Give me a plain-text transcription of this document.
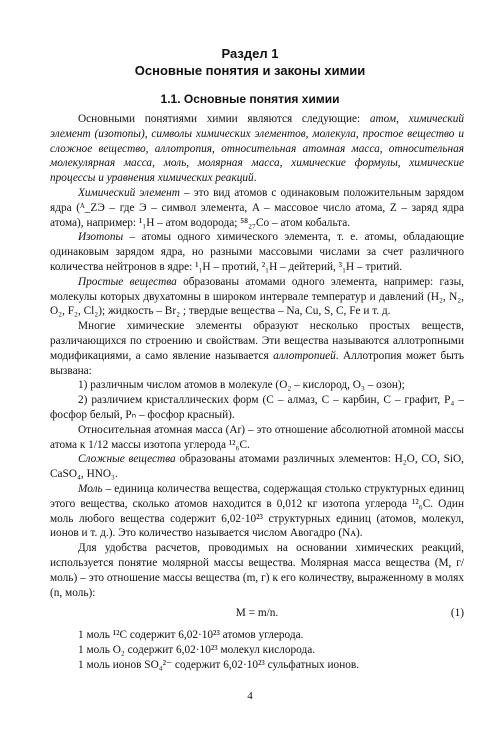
Раздел 1
Основные понятия и законы химии
1.1. Основные понятия химии

Основными понятиями химии являются следующие: атом, химический элемент (изотопы), символы химических элементов, молекула, простое вещество и сложное вещество, аллотропия, относительная атомная масса, относительная молекулярная масса, моль, молярная масса, химические формулы, химические процессы и уравнения химических реакций.

Химический элемент – это вид атомов с одинаковым положительным зарядом ядра (ᴬ_ZЭ – где Э – символ элемента, A – массовое число атома, Z – заряд ядра атома), например: ¹₁H – атом водорода; ⁵⁸₂₇Co – атом кобальта.

Изотопы – атомы одного химического элемента, т. е. атомы, обладающие одинаковым зарядом ядра, но разными массовыми числами за счет различного количества нейтронов в ядре: ¹₁H – протий, ²₁H – дейтерий, ³₁H – тритий.

Простые вещества образованы атомами одного элемента, например: газы, молекулы которых двухатомны в широком интервале температур и давлений (H₂, N₂, O₂, F₂, Cl₂); жидкость – Br₂ ; твердые вещества – Na, Cu, S, C, Fe и т. д.

Многие химические элементы образуют несколько простых веществ, различающихся по строению и свойствам. Эти вещества называются аллотропными модификациями, а само явление называется аллотропией. Аллотропия может быть вызвана:

1) различным числом атомов в молекуле (O₂ – кислород, O₃ – озон);

2) различием кристаллических форм (C – алмаз, C – карбин, C – графит, P₄ – фосфор белый, Pₙ – фосфор красный).

Относительная атомная масса (Ar) – это отношение абсолютной атомной массы атома к 1/12 массы изотопа углерода ¹²₆C.

Сложные вещества образованы атомами различных элементов: H₂O, CO, SiO, CaSO₄, HNO₃.

Моль – единица количества вещества, содержащая столько структурных единиц этого вещества, сколько атомов находится в 0,012 кг изотопа углерода ¹²₆C. Один моль любого вещества содержит 6,02·10²³ структурных единиц (атомов, молекул, ионов и т. д.). Это количество называется числом Авогадро (Nᴀ).

Для удобства расчетов, проводимых на основании химических реакций, используется понятие молярной массы вещества. Молярная масса вещества (M, г/моль) – это отношение массы вещества (m, г) к его количеству, выраженному в молях (n, моль):

M = m/n.	(1)

1 моль ¹²C содержит 6,02·10²³ атомов углерода.

1 моль O₂ содержит 6,02·10²³ молекул кислорода.

1 моль ионов SO₄²⁻ содержит 6,02·10²³ сульфатных ионов.

4
